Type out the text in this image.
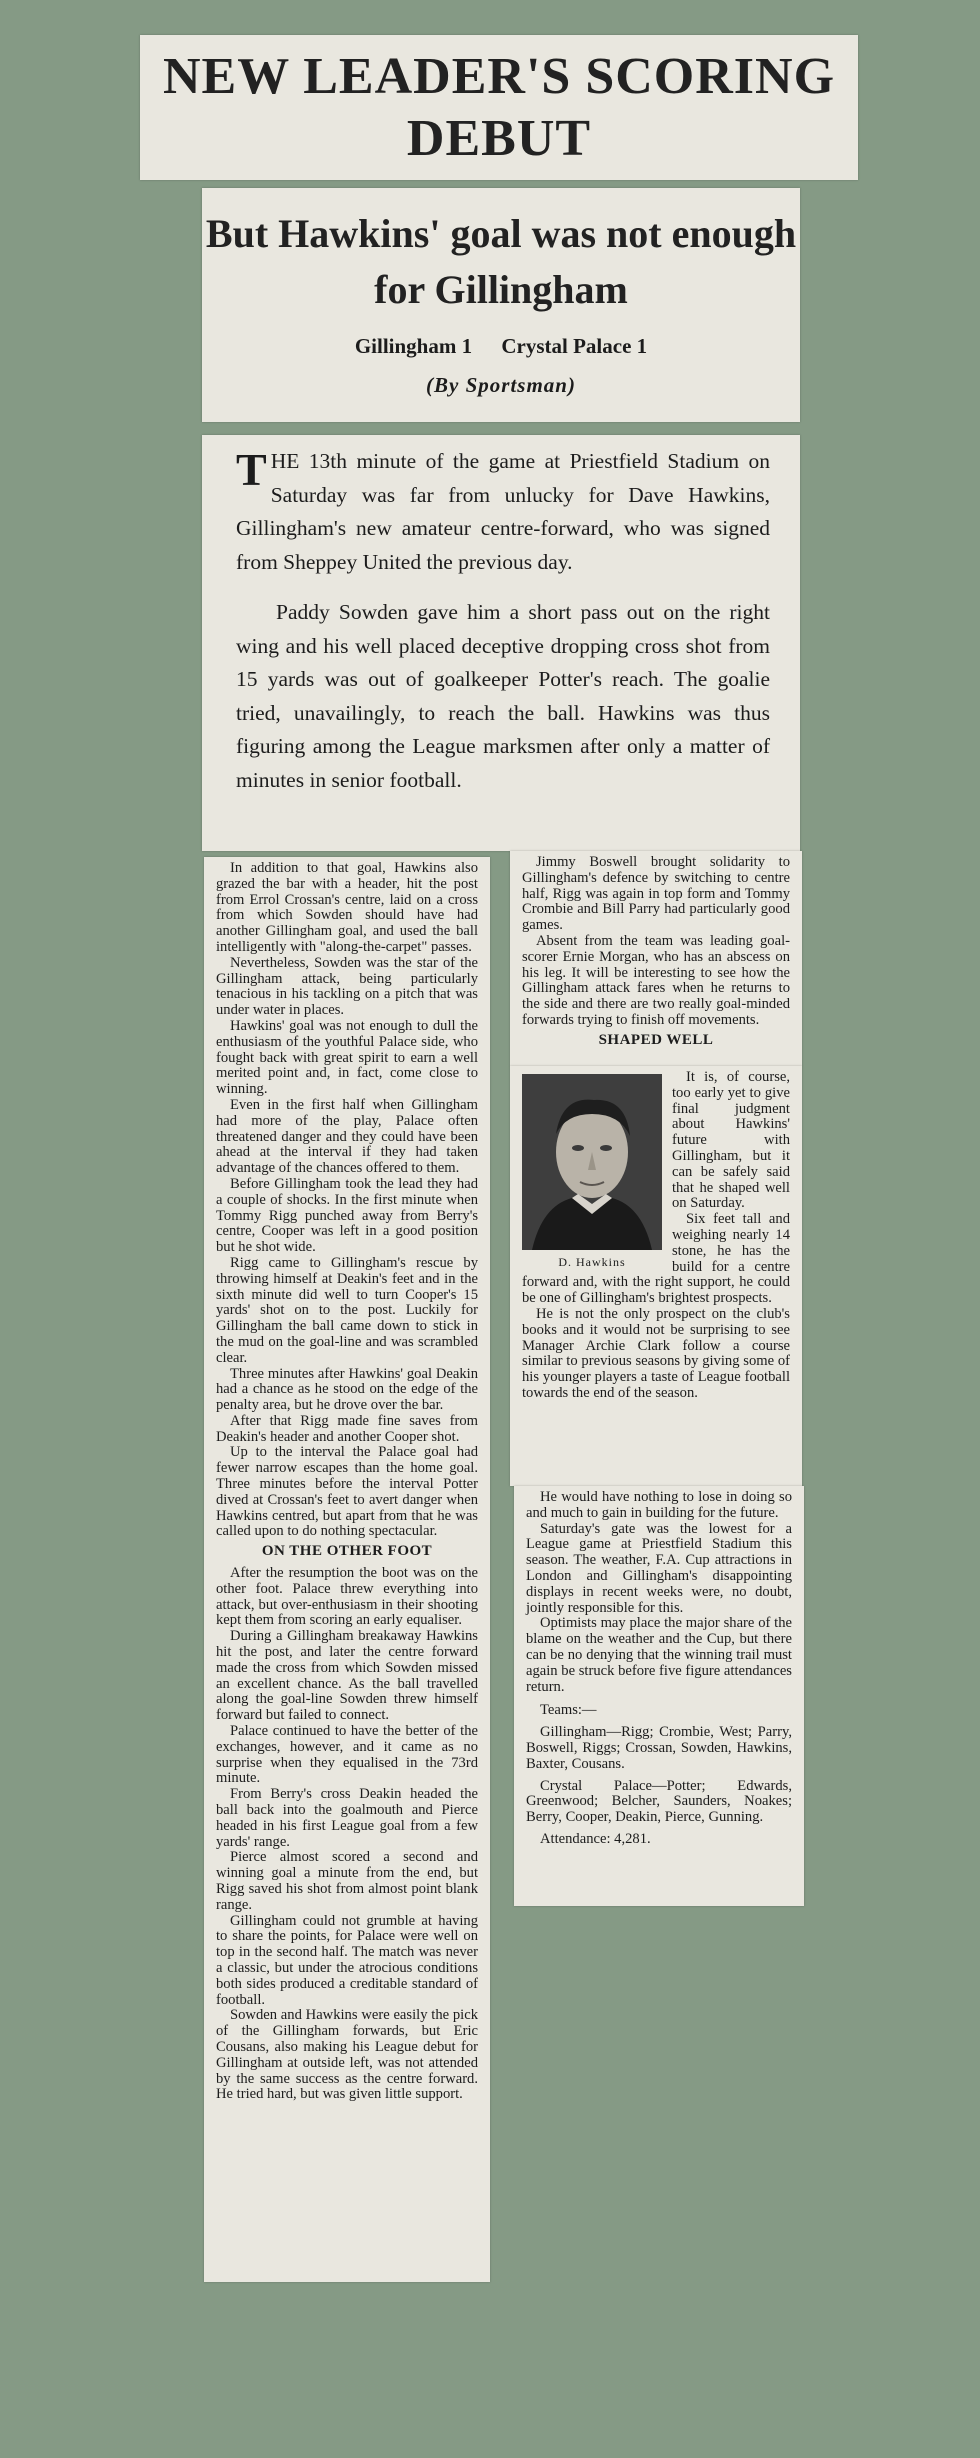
NEW LEADER'S SCORING DEBUT
But Hawkins' goal was not enough for Gillingham
Gillingham 1 Crystal Palace 1
(By Sportsman)

THE 13th minute of the game at Priestfield Stadium on Saturday was far from unlucky for Dave Hawkins, Gillingham's new amateur centre-forward, who was signed from Sheppey United the previous day.

Paddy Sowden gave him a short pass out on the right wing and his well placed deceptive dropping cross shot from 15 yards was out of goalkeeper Potter's reach. The goalie tried, unavailingly, to reach the ball. Hawkins was thus figuring among the League marksmen after only a matter of minutes in senior football.

In addition to that goal, Hawkins also grazed the bar with a header, hit the post from Errol Crossan's centre, laid on a cross from which Sowden should have had another Gillingham goal, and used the ball intelligently with "along-the-carpet" passes.

Nevertheless, Sowden was the star of the Gillingham attack, being particularly tenacious in his tackling on a pitch that was under water in places.

Hawkins' goal was not enough to dull the enthusiasm of the youthful Palace side, who fought back with great spirit to earn a well merited point and, in fact, come close to winning.

Even in the first half when Gillingham had more of the play, Palace often threatened danger and they could have been ahead at the interval if they had taken advantage of the chances offered to them.

Before Gillingham took the lead they had a couple of shocks. In the first minute when Tommy Rigg punched away from Berry's centre, Cooper was left in a good position but he shot wide.

Rigg came to Gillingham's rescue by throwing himself at Deakin's feet and in the sixth minute did well to turn Cooper's 15 yards' shot on to the post. Luckily for Gillingham the ball came down to stick in the mud on the goal-line and was scrambled clear.

Three minutes after Hawkins' goal Deakin had a chance as he stood on the edge of the penalty area, but he drove over the bar.

After that Rigg made fine saves from Deakin's header and another Cooper shot.

Up to the interval the Palace goal had fewer narrow escapes than the home goal. Three minutes before the interval Potter dived at Crossan's feet to avert danger when Hawkins centred, but apart from that he was called upon to do nothing spectacular.

ON THE OTHER FOOT

After the resumption the boot was on the other foot. Palace threw everything into attack, but over-enthusiasm in their shooting kept them from scoring an early equaliser.

During a Gillingham breakaway Hawkins hit the post, and later the centre forward made the cross from which Sowden missed an excellent chance. As the ball travelled along the goal-line Sowden threw himself forward but failed to connect.

Palace continued to have the better of the exchanges, however, and it came as no surprise when they equalised in the 73rd minute.

From Berry's cross Deakin headed the ball back into the goalmouth and Pierce headed in his first League goal from a few yards' range.

Pierce almost scored a second and winning goal a minute from the end, but Rigg saved his shot from almost point blank range.

Gillingham could not grumble at having to share the points, for Palace were well on top in the second half. The match was never a classic, but under the atrocious conditions both sides produced a creditable standard of football.

Sowden and Hawkins were easily the pick of the Gillingham forwards, but Eric Cousans, also making his League debut for Gillingham at outside left, was not attended by the same success as the centre forward. He tried hard, but was given little support.

Jimmy Boswell brought solidarity to Gillingham's defence by switching to centre half, Rigg was again in top form and Tommy Crombie and Bill Parry had particularly good games.

Absent from the team was leading goal-scorer Ernie Morgan, who has an abscess on his leg. It will be interesting to see how the Gillingham attack fares when he returns to the side and there are two really goal-minded forwards trying to finish off movements.

SHAPED WELL
D. Hawkins

It is, of course, too early yet to give final judgment about Hawkins' future with Gillingham, but it can be safely said that he shaped well on Saturday.

Six feet tall and weighing nearly 14 stone, he has the build for a centre forward and, with the right support, he could be one of Gillingham's brightest prospects.

He is not the only prospect on the club's books and it would not be surprising to see Manager Archie Clark follow a course similar to previous seasons by giving some of his younger players a taste of League football towards the end of the season.

He would have nothing to lose in doing so and much to gain in building for the future.

Saturday's gate was the lowest for a League game at Priestfield Stadium this season. The weather, F.A. Cup attractions in London and Gillingham's disappointing displays in recent weeks were, no doubt, jointly responsible for this.

Optimists may place the major share of the blame on the weather and the Cup, but there can be no denying that the winning trail must again be struck before five figure attendances return.

Teams:—

Gillingham—Rigg; Crombie, West; Parry, Boswell, Riggs; Crossan, Sowden, Hawkins, Baxter, Cousans.

Crystal Palace—Potter; Edwards, Greenwood; Belcher, Saunders, Noakes; Berry, Cooper, Deakin, Pierce, Gunning.

Attendance: 4,281.
